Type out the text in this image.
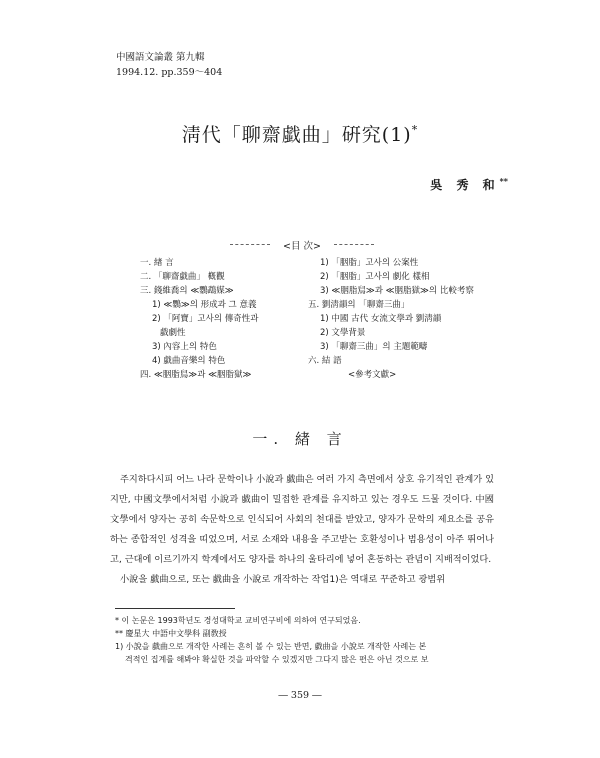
中國語文論叢 第九輯
1994.12. pp.359～404
淸代「聊齋戱曲」硏究(1)*
吳 秀 和**
<目 次>
一. 緖 言
二. 「聊齋戱曲」 槪觀
三. 錢維喬의 ≪鸚鵡媒≫
1) ≪鸚≫의 形成과 그 意義
2) 「阿寶」고사의 傳奇性과
戱劇性
3) 內容上의 特色
4) 戱曲音樂의 特色
四. ≪胭脂舃≫과 ≪胭脂獄≫
1) 「胭脂」고사의 公案性
2) 「胭脂」고사의 劇化 樣相
3) ≪胭脂舃≫과 ≪胭脂獄≫의 比較考察
五. 劉淸韻의 「聊齋三曲」
1) 中國 古代 女流文學과 劉淸韻
2) 文學背景
3) 「聊齋三曲」의 主題範疇
六. 結 語
<參考文獻>
一. 緖 言

주지하다시피 어느 나라 문학이나 小說과 戱曲은 여러 가지 측면에서 상호 유기적인 관계가 있지만, 中國文學에서처럼 小說과 戱曲이 밀접한 관계를 유지하고 있는 경우도 드물 것이다. 中國文學에서 양자는 공히 속문학으로 인식되어 사회의 천대를 받았고, 양자가 문학의 제요소를 공유하는 종합적인 성격을 띠었으며, 서로 소재와 내용을 주고받는 호환성이나 범용성이 아주 뛰어나고, 근대에 이르기까지 학계에서도 양자를 하나의 울타리에 넣어 혼동하는 관념이 지배적이었다.

小說을 戱曲으로, 또는 戱曲을 小說로 개작하는 작업1)은 역대로 꾸준하고 광범위

* 이 논문은 1993학년도 경성대학교 교비연구비에 의하여 연구되었음.
** 慶星大 中語中文學科 副敎授
1) 小說을 戱曲으로 개작한 사례는 흔히 볼 수 있는 반면, 戱曲을 小說로 개작한 사례는 본
격적인 집계를 해봐야 확실한 것을 파악할 수 있겠지만 그다지 많은 편은 아닌 것으로 보
― 359 ―
